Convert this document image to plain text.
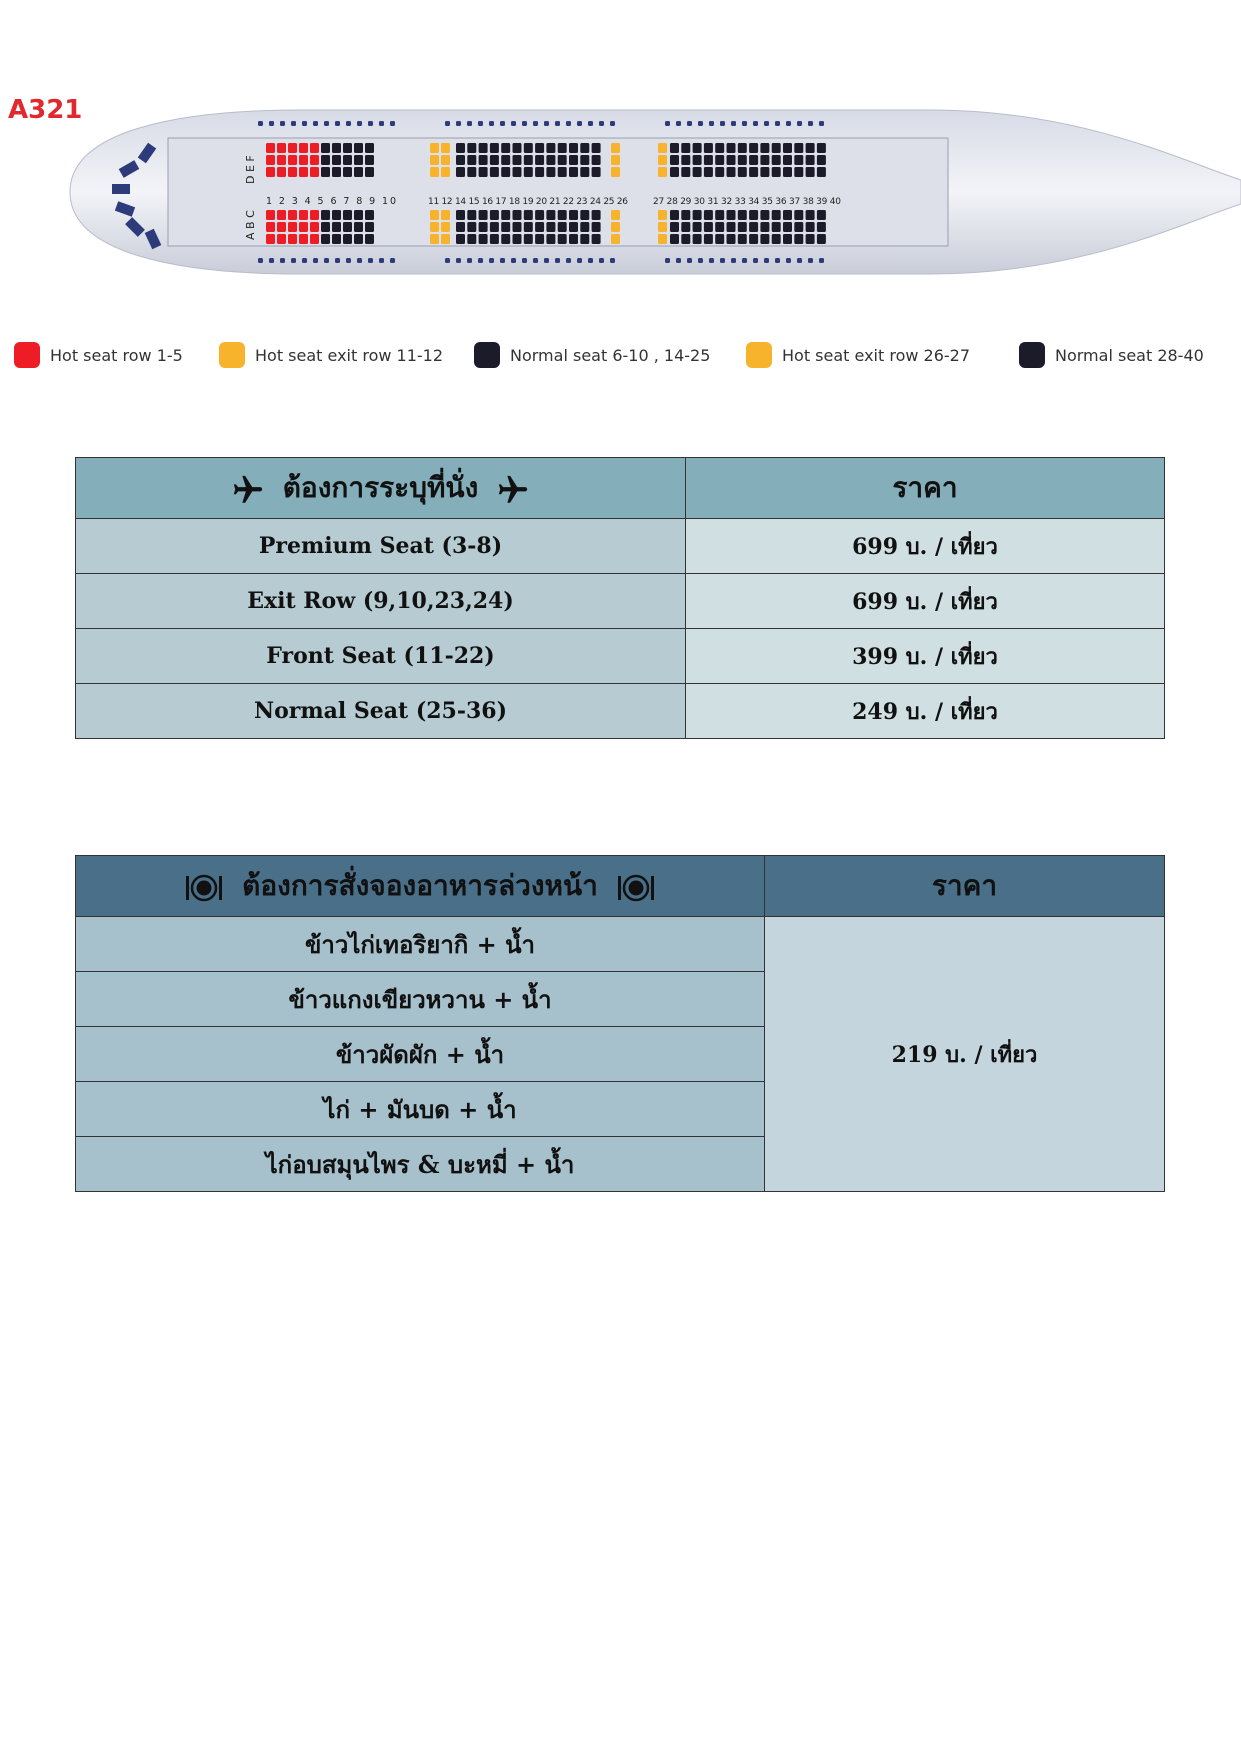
A321
D E F
A B C
1 2 3 4 5 6 7 8 9 10	11 12 14 15 16 17 18 19 20 21 22 23 24 25 26	27 28 29 30 31 32 33 34 35 36 37 38 39 40
Hot seat row 1-5	Hot seat exit row 11-12	Normal seat 6-10 , 14-25	Hot seat exit row 26-27	Normal seat 28-40
ต้องการระบุที่นั่ง	ราคา
Premium Seat (3-8)	699 บ. / เที่ยว
Exit Row (9,10,23,24)	699 บ. / เที่ยว
Front Seat (11-22)	399 บ. / เที่ยว
Normal Seat (25-36)	249 บ. / เที่ยว
ต้องการสั่งจองอาหารล่วงหน้า	ราคา
ข้าวไก่เทอริยากิ + น้ำ	219 บ. / เที่ยว
ข้าวแกงเขียวหวาน + น้ำ	
ข้าวผัดผัก + น้ำ	
ไก่ + มันบด + น้ำ	
ไก่อบสมุนไพร & บะหมี่ + น้ำ	
